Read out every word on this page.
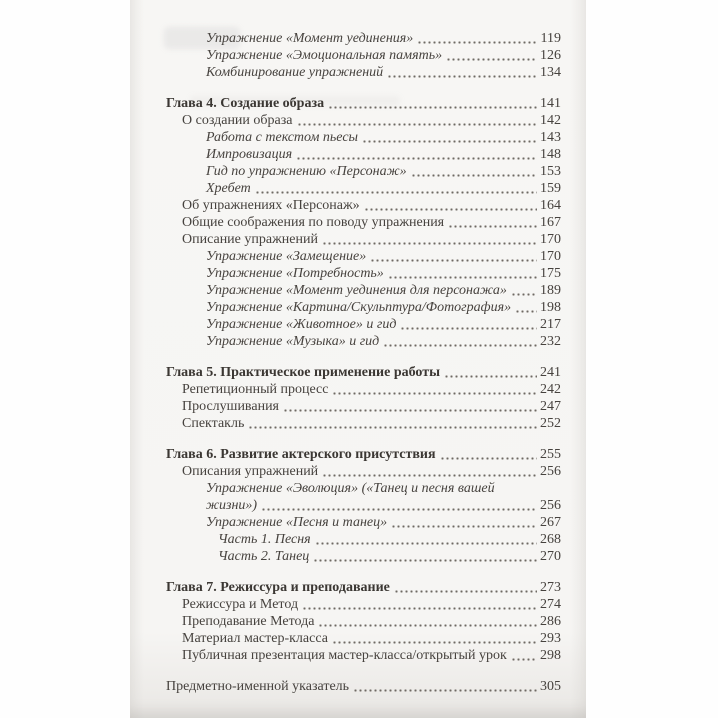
Упражнение «Момент уединения»	119
Упражнение «Эмоциональная память»	126
Комбинирование упражнений	134
Глава 4. Создание образа	141
О создании образа	142
Работа с текстом пьесы	143
Импровизация	148
Гид по упражнению «Персонаж»	153
Хребет	159
Об упражнениях «Персонаж»	164
Общие соображения по поводу упражнения	167
Описание упражнений	170
Упражнение «Замещение»	170
Упражнение «Потребность»	175
Упражнение «Момент уединения для персонажа» 189
Упражнение «Картина/Скульптура/Фотография» 198
Упражнение «Животное» и гид	217
Упражнение «Музыка» и гид	232
Глава 5. Практическое применение работы	241
Репетиционный процесс	242
Прослушивания	247
Спектакль	252
Глава 6. Развитие актерского присутствия	255
Описания упражнений	256
Упражнение «Эволюция» («Танец и песня вашей
жизни»)	256
Упражнение «Песня и танец»	267
Часть 1. Песня	268
Часть 2. Танец	270
Глава 7. Режиссура и преподавание	273
Режиссура и Метод	274
Преподавание Метода	286
Материал мастер-класса	293
Публичная презентация мастер-класса/открытый урок 298
Предметно-именной указатель	305
